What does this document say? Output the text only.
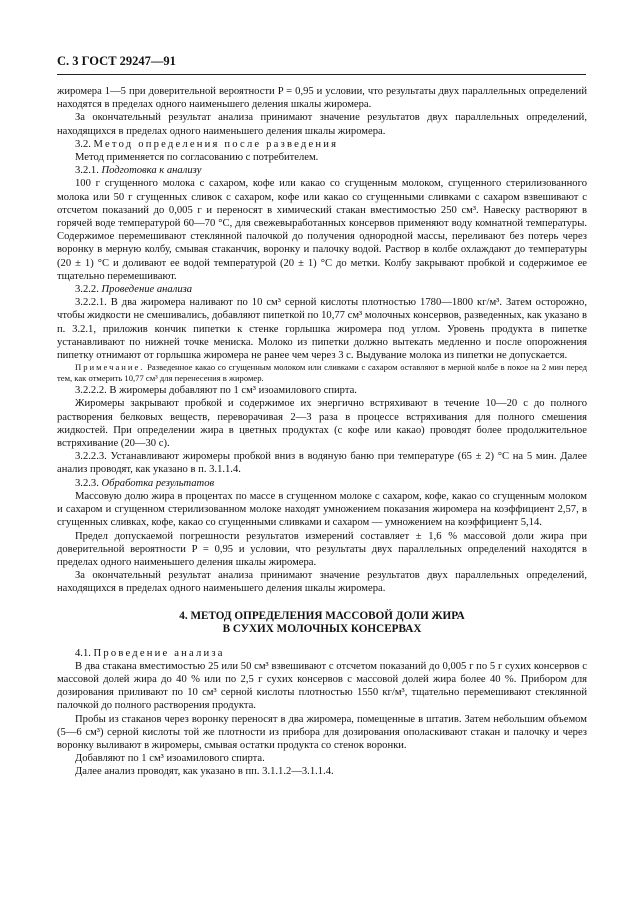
С. 3 ГОСТ 29247—91

жиромера 1—5 при доверительной вероятности P = 0,95 и условии, что результаты двух параллельных определений находятся в пределах одного наименьшего деления шкалы жиромера.

За окончательный результат анализа принимают значение результатов двух параллельных определений, находящихся в пределах одного наименьшего деления шкалы жиромера.

3.2. Метод определения после разведения

Метод применяется по согласованию с потребителем.

3.2.1. Подготовка к анализу

100 г сгущенного молока с сахаром, кофе или какао со сгущенным молоком, сгущенного стерилизованного молока или 50 г сгущенных сливок с сахаром, кофе или какао со сгущенными сливками с сахаром взвешивают с отсчетом показаний до 0,005 г и переносят в химический стакан вместимостью 250 см³. Навеску растворяют в горячей воде температурой 60—70 °С, для свежевыработанных консервов применяют воду комнатной температуры. Содержимое перемешивают стеклянной палочкой до получения однородной массы, переливают без потерь через воронку в мерную колбу, смывая стаканчик, воронку и палочку водой. Раствор в колбе охлаждают до температуры (20 ± 1) °С и доливают ее водой температурой (20 ± 1) °С до метки. Колбу закрывают пробкой и содержимое ее тщательно перемешивают.

3.2.2. Проведение анализа

3.2.2.1. В два жиромера наливают по 10 см³ серной кислоты плотностью 1780—1800 кг/м³. Затем осторожно, чтобы жидкости не смешивались, добавляют пипеткой по 10,77 см³ молочных консервов, разведенных, как указано в п. 3.2.1, приложив кончик пипетки к стенке горлышка жиромера под углом. Уровень продукта в пипетке устанавливают по нижней точке мениска. Молоко из пипетки должно вытекать медленно и после опорожнения пипетку отнимают от горлышка жиромера не ранее чем через 3 с. Выдувание молока из пипетки не допускается.

Примечание. Разведенное какао со сгущенным молоком или сливками с сахаром оставляют в мерной колбе в покое на 2 мин перед тем, как отмерить 10,77 см³ для перенесения в жиромер.

3.2.2.2. В жиромеры добавляют по 1 см³ изоамилового спирта.

Жиромеры закрывают пробкой и содержимое их энергично встряхивают в течение 10—20 с до полного растворения белковых веществ, переворачивая 2—3 раза в процессе встряхивания для полного смешения жидкостей. При определении жира в цветных продуктах (с кофе или какао) проводят более продолжительное встряхивание (20—30 с).

3.2.2.3. Устанавливают жиромеры пробкой вниз в водяную баню при температуре (65 ± 2) °С на 5 мин. Далее анализ проводят, как указано в п. 3.1.1.4.

3.2.3. Обработка результатов

Массовую долю жира в процентах по массе в сгущенном молоке с сахаром, кофе, какао со сгущенным молоком и сахаром и сгущенном стерилизованном молоке находят умножением показания жиромера на коэффициент 2,57, в сгущенных сливках, кофе, какао со сгущенными сливками и сахаром — умножением на коэффициент 5,14.

Предел допускаемой погрешности результатов измерений составляет ± 1,6 % массовой доли жира при доверительной вероятности P = 0,95 и условии, что результаты двух параллельных определений находятся в пределах одного наименьшего деления шкалы жиромера.

За окончательный результат анализа принимают значение результатов двух параллельных определений, находящихся в пределах одного наименьшего деления шкалы жиромера.

4. МЕТОД ОПРЕДЕЛЕНИЯ МАССОВОЙ ДОЛИ ЖИРА
В СУХИХ МОЛОЧНЫХ КОНСЕРВАХ

4.1. Проведение анализа

В два стакана вместимостью 25 или 50 см³ взвешивают с отсчетом показаний до 0,005 г по 5 г сухих консервов с массовой долей жира до 40 % или по 2,5 г сухих консервов с массовой долей жира более 40 %. Прибором для дозирования приливают по 10 см³ серной кислоты плотностью 1550 кг/м³, тщательно перемешивают стеклянной палочкой до полного растворения продукта.

Пробы из стаканов через воронку переносят в два жиромера, помещенные в штатив. Затем небольшим объемом (5—6 см³) серной кислоты той же плотности из прибора для дозирования ополаскивают стакан и палочку и через воронку выливают в жиромеры, смывая остатки продукта со стенок воронки.

Добавляют по 1 см³ изоамилового спирта.

Далее анализ проводят, как указано в пп. 3.1.1.2—3.1.1.4.
